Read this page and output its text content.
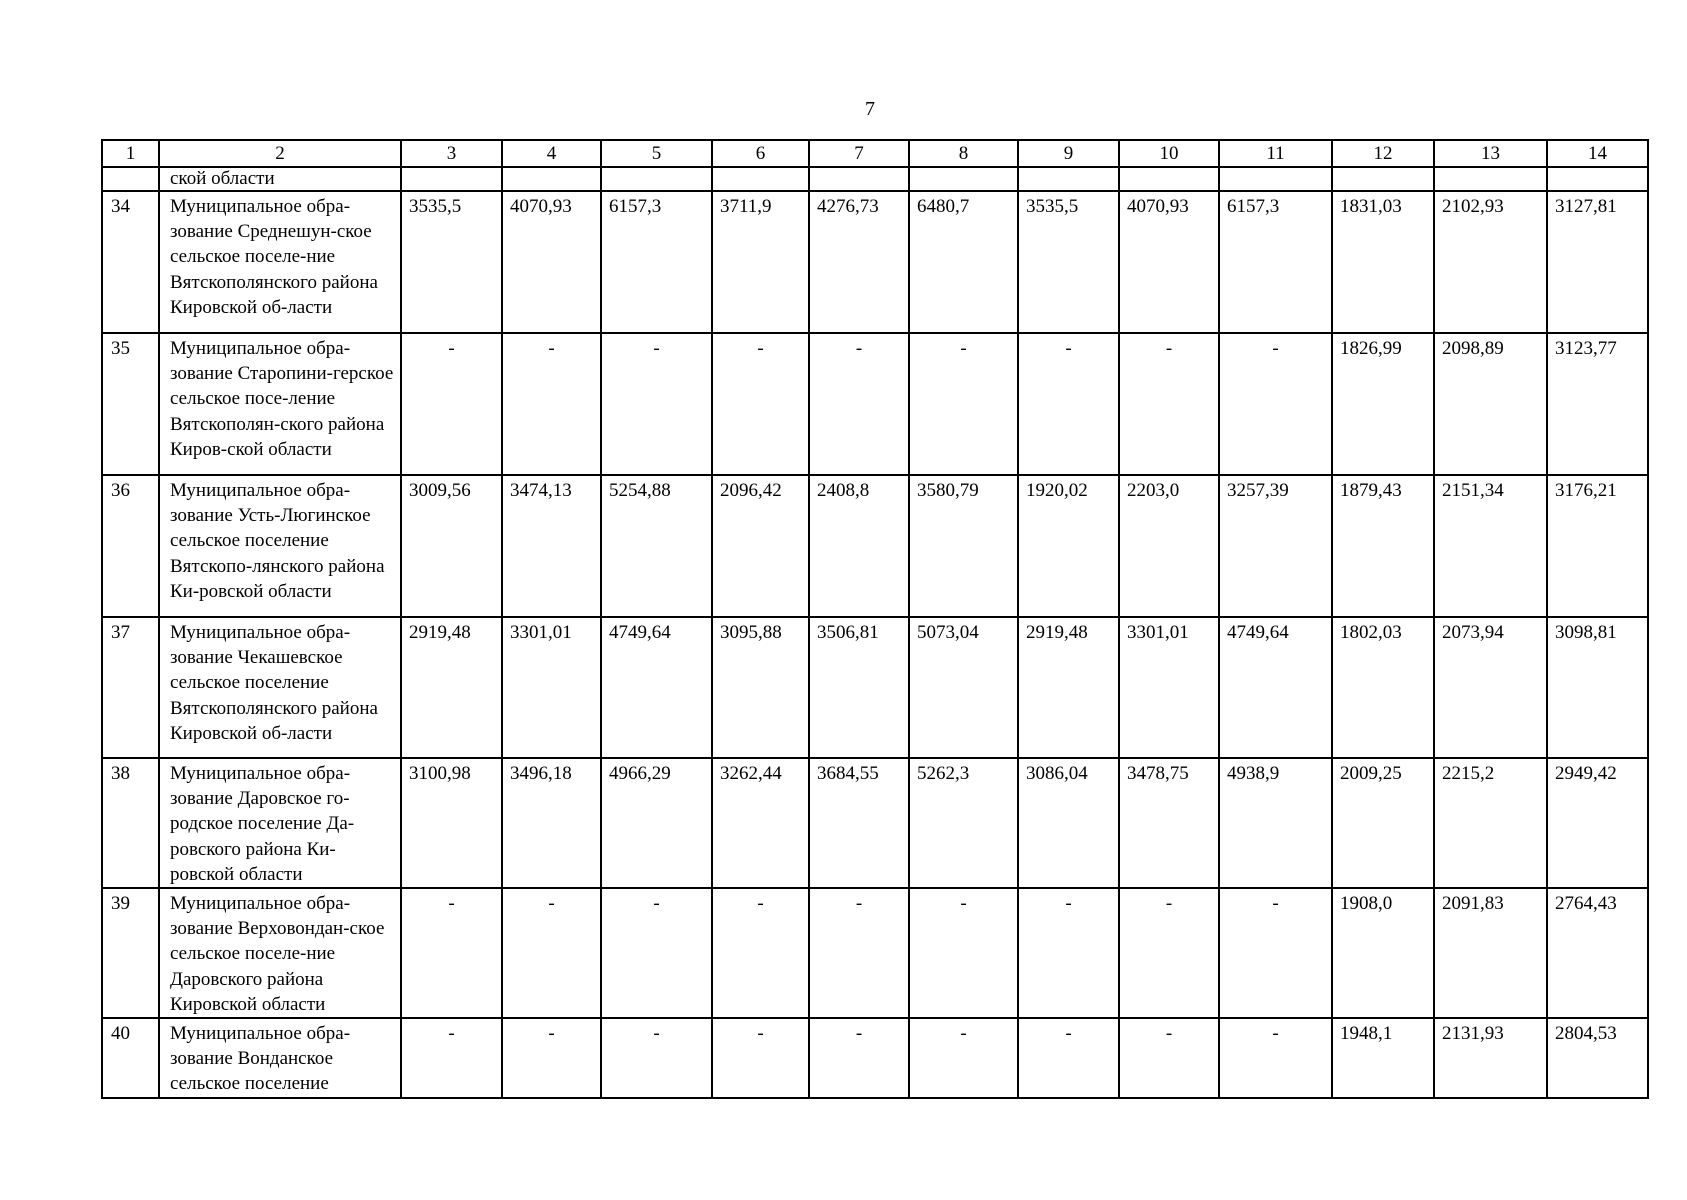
7
1	2	3	4	5	6	7	8	9	10	11	12	13	14
	ской области												
34	Муниципальное обра-зование Среднешун-ское сельское поселе-ние Вятскополянского района Кировской об-ласти	3535,5	4070,93	6157,3	3711,9	4276,73	6480,7	3535,5	4070,93	6157,3	1831,03	2102,93	3127,81
35	Муниципальное обра-зование Старопини-герское сельское посе-ление Вятскополян-ского района Киров-ской области	-	-	-	-	-	-	-	-	-	1826,99	2098,89	3123,77
36	Муниципальное обра-зование Усть-Люгинское сельское поселение Вятскопо-лянского района Ки-ровской области	3009,56	3474,13	5254,88	2096,42	2408,8	3580,79	1920,02	2203,0	3257,39	1879,43	2151,34	3176,21
37	Муниципальное обра-зование Чекашевское сельское поселение Вятскополянского района Кировской об-ласти	2919,48	3301,01	4749,64	3095,88	3506,81	5073,04	2919,48	3301,01	4749,64	1802,03	2073,94	3098,81
38	Муниципальное обра-зование Даровское го-родское поселение Да-ровского района Ки-ровской области	3100,98	3496,18	4966,29	3262,44	3684,55	5262,3	3086,04	3478,75	4938,9	2009,25	2215,2	2949,42
39	Муниципальное обра-зование Верховондан-ское сельское поселе-ние Даровского района Кировской области	-	-	-	-	-	-	-	-	-	1908,0	2091,83	2764,43
40	Муниципальное обра-зование Вонданское сельское поселение	-	-	-	-	-	-	-	-	-	1948,1	2131,93	2804,53
